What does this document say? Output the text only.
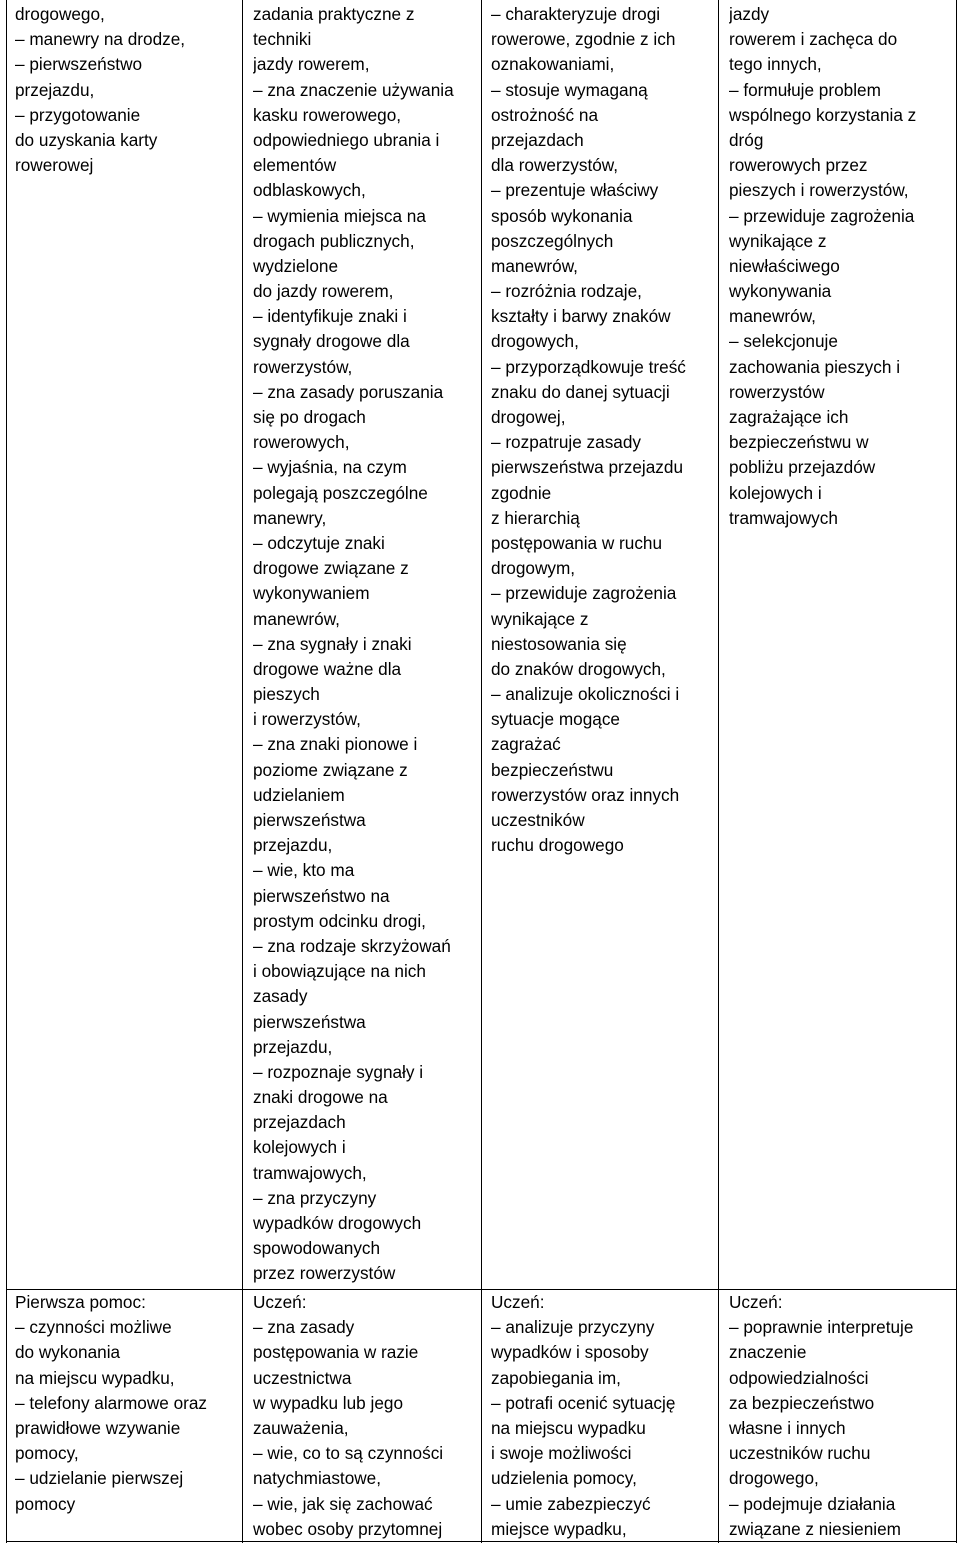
drogowego,
– manewry na drodze,
– pierwszeństwo
przejazdu,
– przygotowanie
do uzyskania karty
rowerowej
zadania praktyczne z
techniki
jazdy rowerem,
– zna znaczenie używania
kasku rowerowego,
odpowiedniego ubrania i
elementów
odblaskowych,
– wymienia miejsca na
drogach publicznych,
wydzielone
do jazdy rowerem,
– identyfikuje znaki i
sygnały drogowe dla
rowerzystów,
– zna zasady poruszania
się po drogach
rowerowych,
– wyjaśnia, na czym
polegają poszczególne
manewry,
– odczytuje znaki
drogowe związane z
wykonywaniem
manewrów,
– zna sygnały i znaki
drogowe ważne dla
pieszych
i rowerzystów,
– zna znaki pionowe i
poziome związane z
udzielaniem
pierwszeństwa
przejazdu,
– wie, kto ma
pierwszeństwo na
prostym odcinku drogi,
– zna rodzaje skrzyżowań
i obowiązujące na nich
zasady
pierwszeństwa
przejazdu,
– rozpoznaje sygnały i
znaki drogowe na
przejazdach
kolejowych i
tramwajowych,
– zna przyczyny
wypadków drogowych
spowodowanych
przez rowerzystów
– charakteryzuje drogi
rowerowe, zgodnie z ich
oznakowaniami,
– stosuje wymaganą
ostrożność na
przejazdach
dla rowerzystów,
– prezentuje właściwy
sposób wykonania
poszczególnych
manewrów,
– rozróżnia rodzaje,
kształty i barwy znaków
drogowych,
– przyporządkowuje treść
znaku do danej sytuacji
drogowej,
– rozpatruje zasady
pierwszeństwa przejazdu
zgodnie
z hierarchią
postępowania w ruchu
drogowym,
– przewiduje zagrożenia
wynikające z
niestosowania się
do znaków drogowych,
– analizuje okoliczności i
sytuacje mogące
zagrażać
bezpieczeństwu
rowerzystów oraz innych
uczestników
ruchu drogowego
jazdy
rowerem i zachęca do
tego innych,
– formułuje problem
wspólnego korzystania z
dróg
rowerowych przez
pieszych i rowerzystów,
– przewiduje zagrożenia
wynikające z
niewłaściwego
wykonywania
manewrów,
– selekcjonuje
zachowania pieszych i
rowerzystów
zagrażające ich
bezpieczeństwu w
pobliżu przejazdów
kolejowych i
tramwajowych
Pierwsza pomoc:
– czynności możliwe
do wykonania
na miejscu wypadku,
– telefony alarmowe oraz
prawidłowe wzywanie
pomocy,
– udzielanie pierwszej
pomocy
Uczeń:
– zna zasady
postępowania w razie
uczestnictwa
w wypadku lub jego
zauważenia,
– wie, co to są czynności
natychmiastowe,
– wie, jak się zachować
wobec osoby przytomnej
Uczeń:
– analizuje przyczyny
wypadków i sposoby
zapobiegania im,
– potrafi ocenić sytuację
na miejscu wypadku
i swoje możliwości
udzielenia pomocy,
– umie zabezpieczyć
miejsce wypadku,
Uczeń:
– poprawnie interpretuje
znaczenie
odpowiedzialności
za bezpieczeństwo
własne i innych
uczestników ruchu
drogowego,
– podejmuje działania
związane z niesieniem
